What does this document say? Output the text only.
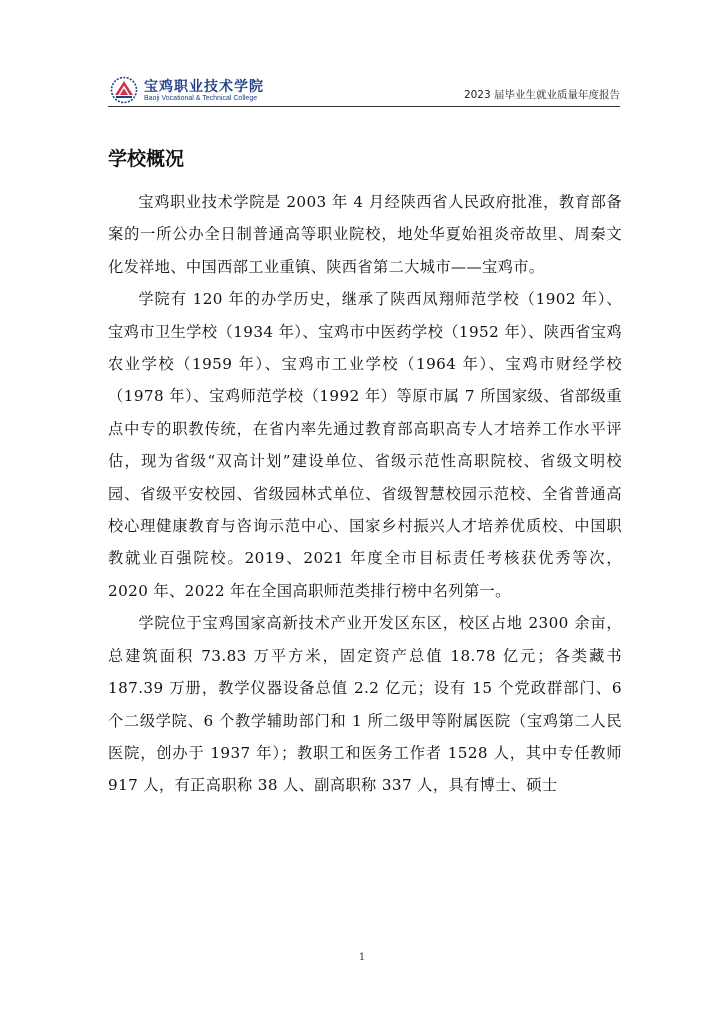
宝鸡职业技术学院
Baoji Vocational & Technical College	2023 届毕业生就业质量年度报告
学校概况

宝鸡职业技术学院是 2003 年 4 月经陕西省人民政府批准，教育部备案的一所公办全日制普通高等职业院校，地处华夏始祖炎帝故里、周秦文化发祥地、中国西部工业重镇、陕西省第二大城市——宝鸡市。

学院有 120 年的办学历史，继承了陕西凤翔师范学校（1902 年）、宝鸡市卫生学校（1934 年）、宝鸡市中医药学校（1952 年）、陕西省宝鸡农业学校（1959 年）、宝鸡市工业学校（1964 年）、宝鸡市财经学校（1978 年）、宝鸡师范学校（1992 年）等原市属 7 所国家级、省部级重点中专的职教传统，在省内率先通过教育部高职高专人才培养工作水平评估，现为省级“双高计划”建设单位、省级示范性高职院校、省级文明校园、省级平安校园、省级园林式单位、省级智慧校园示范校、全省普通高校心理健康教育与咨询示范中心、国家乡村振兴人才培养优质校、中国职教就业百强院校。2019、2021 年度全市目标责任考核获优秀等次，2020 年、2022 年在全国高职师范类排行榜中名列第一。

学院位于宝鸡国家高新技术产业开发区东区，校区占地 2300 余亩，总建筑面积 73.83 万平方米，固定资产总值 18.78 亿元；各类藏书 187.39 万册，教学仪器设备总值 2.2 亿元；设有 15 个党政群部门、6 个二级学院、6 个教学辅助部门和 1 所二级甲等附属医院（宝鸡第二人民医院，创办于 1937 年）；教职工和医务工作者 1528 人，其中专任教师 917 人，有正高职称 38 人、副高职称 337 人，具有博士、硕士

1
